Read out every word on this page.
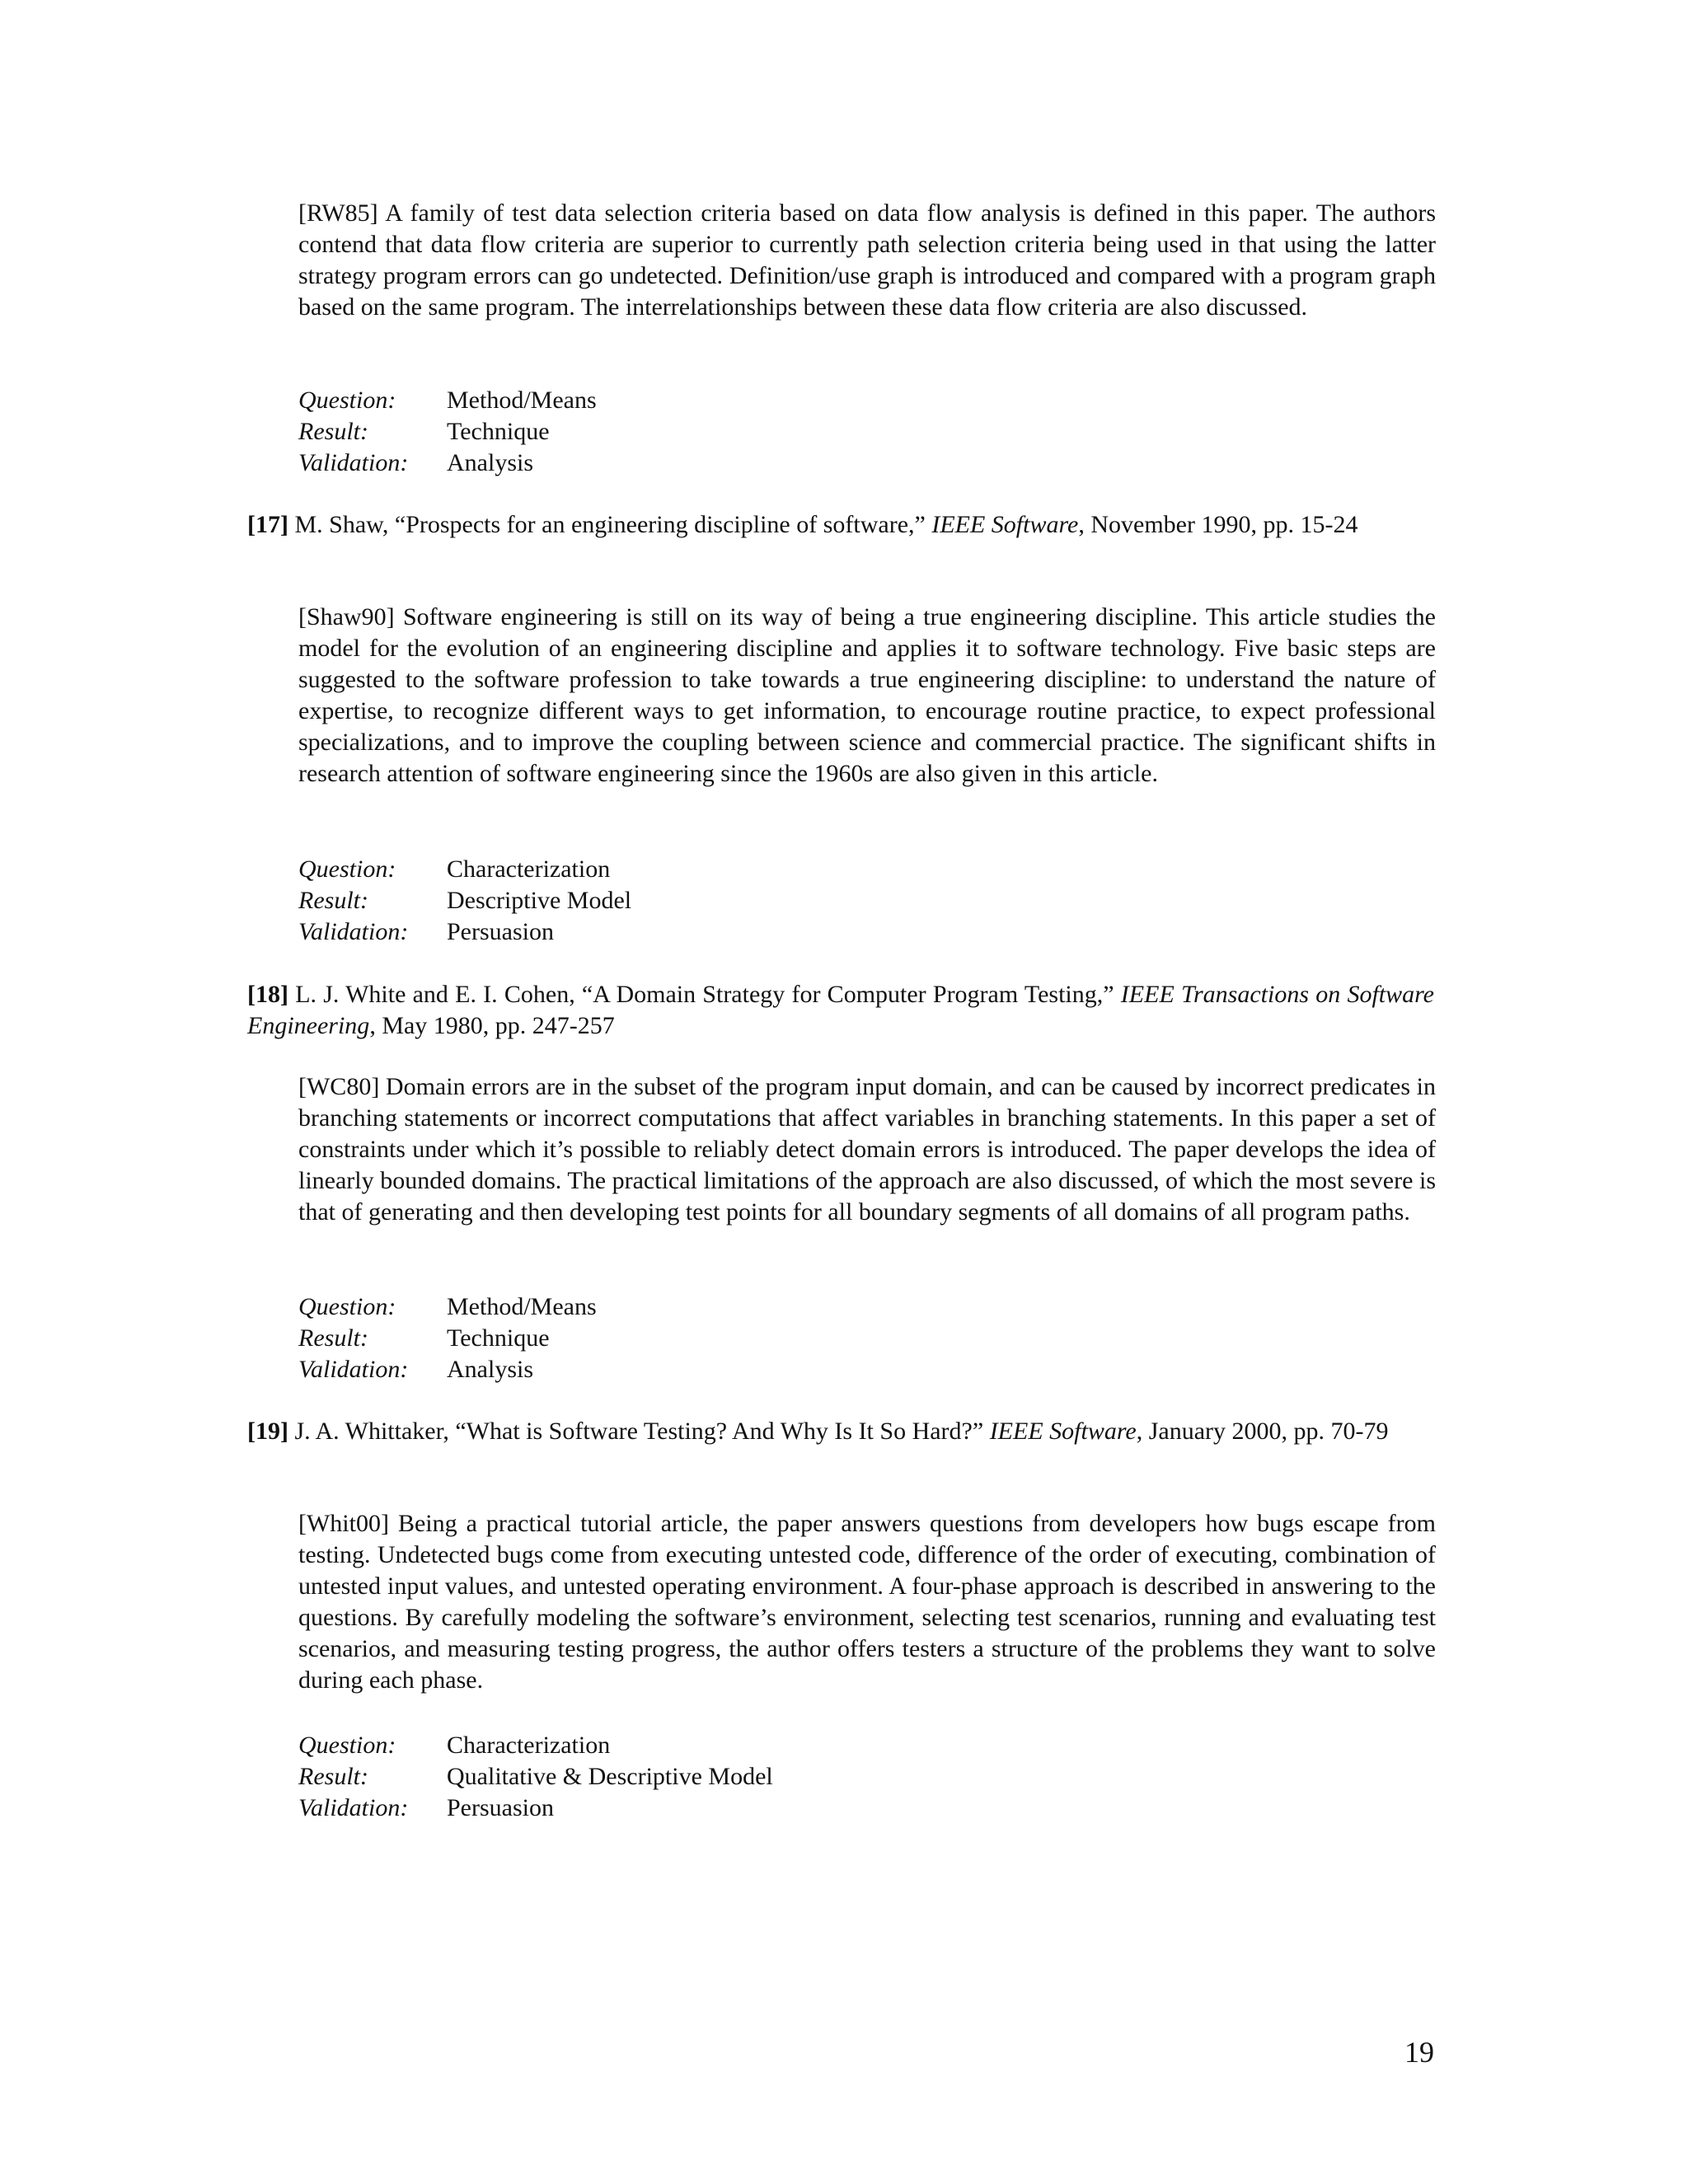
[RW85] A family of test data selection criteria based on data flow analysis is defined in this paper. The authors contend that data flow criteria are superior to currently path selection criteria being used in that using the latter strategy program errors can go undetected. Definition/use graph is introduced and compared with a program graph based on the same program. The interrelationships between these data flow criteria are also discussed.
Question:	Method/Means
Result:	Technique
Validation:	Analysis
[17] M. Shaw, “Prospects for an engineering discipline of software,” IEEE Software, November 1990, pp. 15-24
[Shaw90] Software engineering is still on its way of being a true engineering discipline. This article studies the model for the evolution of an engineering discipline and applies it to software technology. Five basic steps are suggested to the software profession to take towards a true engineering discipline: to understand the nature of expertise, to recognize different ways to get information, to encourage routine practice, to expect professional specializations, and to improve the coupling between science and commercial practice. The significant shifts in research attention of software engineering since the 1960s are also given in this article.
Question:	Characterization
Result:	Descriptive Model
Validation:	Persuasion
[18] L. J. White and E. I. Cohen, “A Domain Strategy for Computer Program Testing,” IEEE Transactions on Software Engineering, May 1980, pp. 247-257
[WC80] Domain errors are in the subset of the program input domain, and can be caused by incorrect predicates in branching statements or incorrect computations that affect variables in branching statements. In this paper a set of constraints under which it’s possible to reliably detect domain errors is introduced. The paper develops the idea of linearly bounded domains. The practical limitations of the approach are also discussed, of which the most severe is that of generating and then developing test points for all boundary segments of all domains of all program paths.
Question:	Method/Means
Result:	Technique
Validation:	Analysis
[19] J. A. Whittaker, “What is Software Testing? And Why Is It So Hard?” IEEE Software, January 2000, pp. 70-79
[Whit00] Being a practical tutorial article, the paper answers questions from developers how bugs escape from testing. Undetected bugs come from executing untested code, difference of the order of executing, combination of untested input values, and untested operating environment. A four-phase approach is described in answering to the questions. By carefully modeling the software’s environment, selecting test scenarios, running and evaluating test scenarios, and measuring testing progress, the author offers testers a structure of the problems they want to solve during each phase.
Question:	Characterization
Result:	Qualitative & Descriptive Model
Validation:	Persuasion
19
